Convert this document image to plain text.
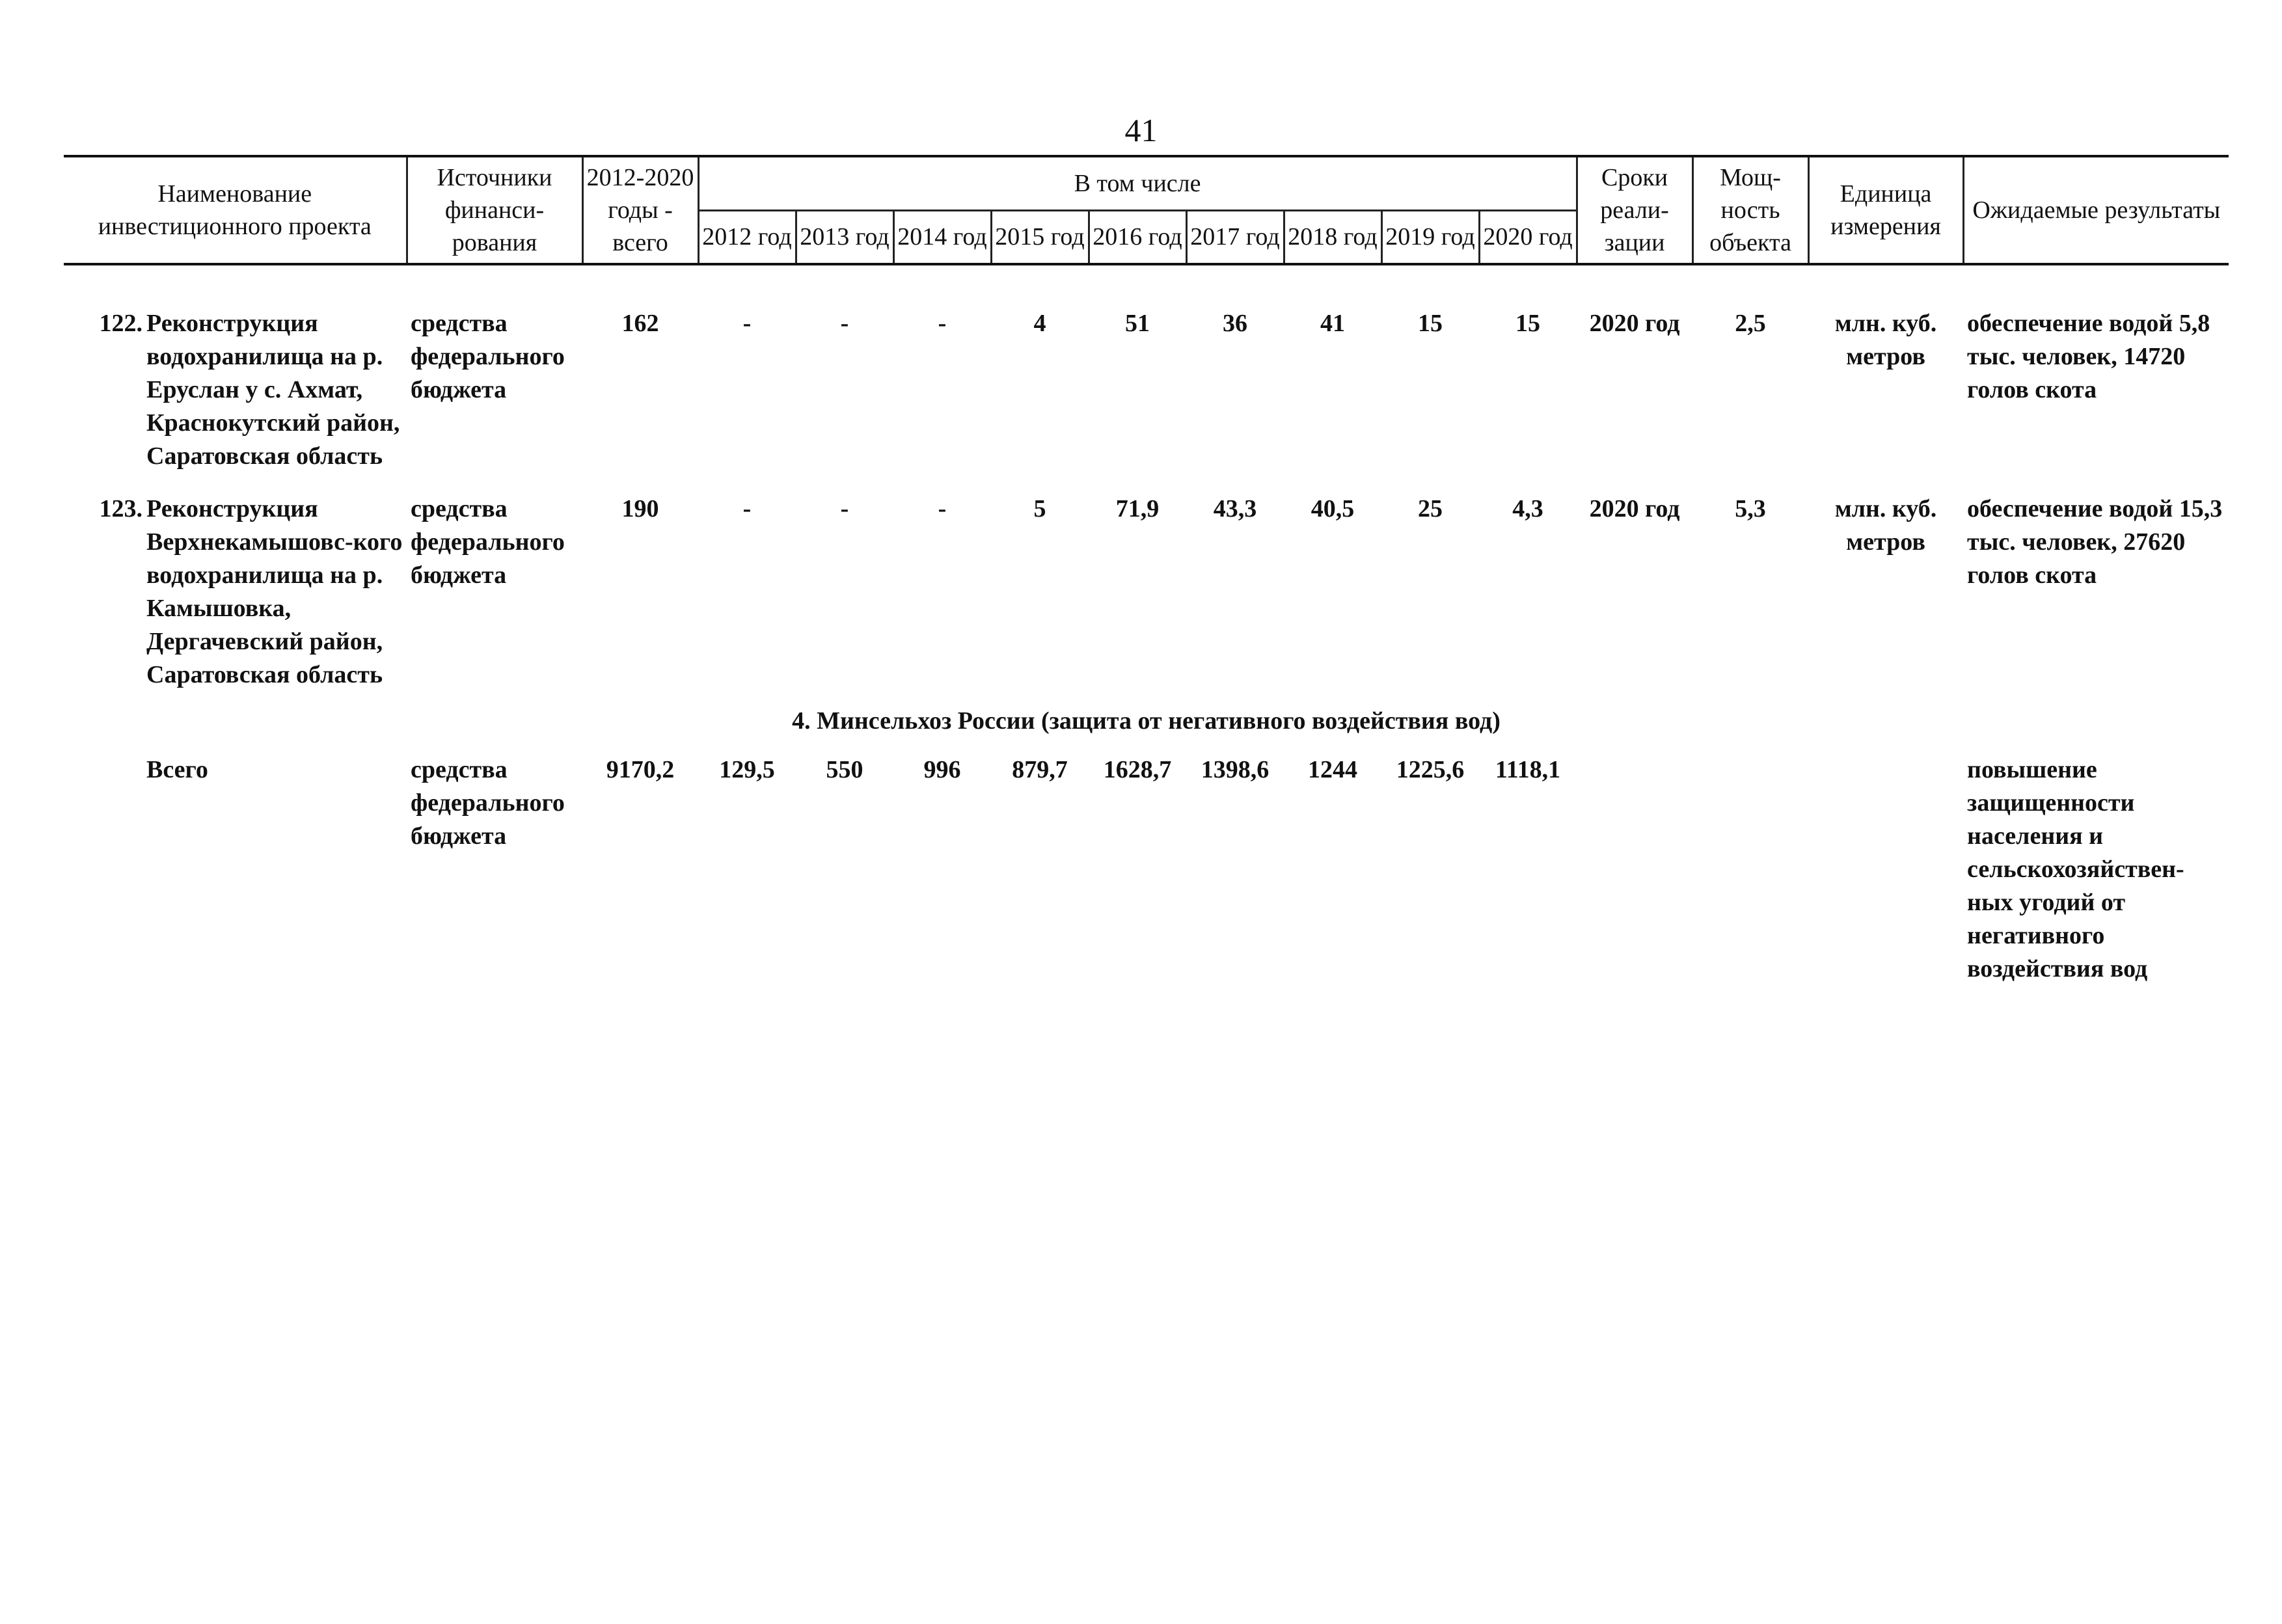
41
Наименование инвестиционного проекта		Источники финанси-рования	2012-2020 годы - всего	В том числе									Сроки реали-зации	Мощ-ность объекта	Единица измерения	Ожидаемые результаты
				2012 год	2013 год	2014 год	2015 год	2016 год	2017 год	2018 год	2019 год	2020 год				

122.	Реконструкция водохранилища на р. Еруслан у с. Ахмат, Краснокутский район, Саратовская область	средства федерального бюджета	162	-	-	-	4	51	36	41	15	15	2020 год	2,5	млн. куб. метров	обеспечение водой 5,8 тыс. человек, 14720 голов скота

123.	Реконструкция Верхнекамышовс-кого водохранилища на р. Камышовка, Дергачевский район, Саратовская область	средства федерального бюджета	190	-	-	-	5	71,9	43,3	40,5	25	4,3	2020 год	5,3	млн. куб. метров	обеспечение водой 15,3 тыс. человек, 27620 голов скота
4. Минсельхоз России (защита от негативного воздействия вод)																
	Всего	средства федерального бюджета	9170,2	129,5	550	996	879,7	1628,7	1398,6	1244	1225,6	1118,1				повышение защищенности населения и сельскохозяйствен-ных угодий от негативного воздействия вод
